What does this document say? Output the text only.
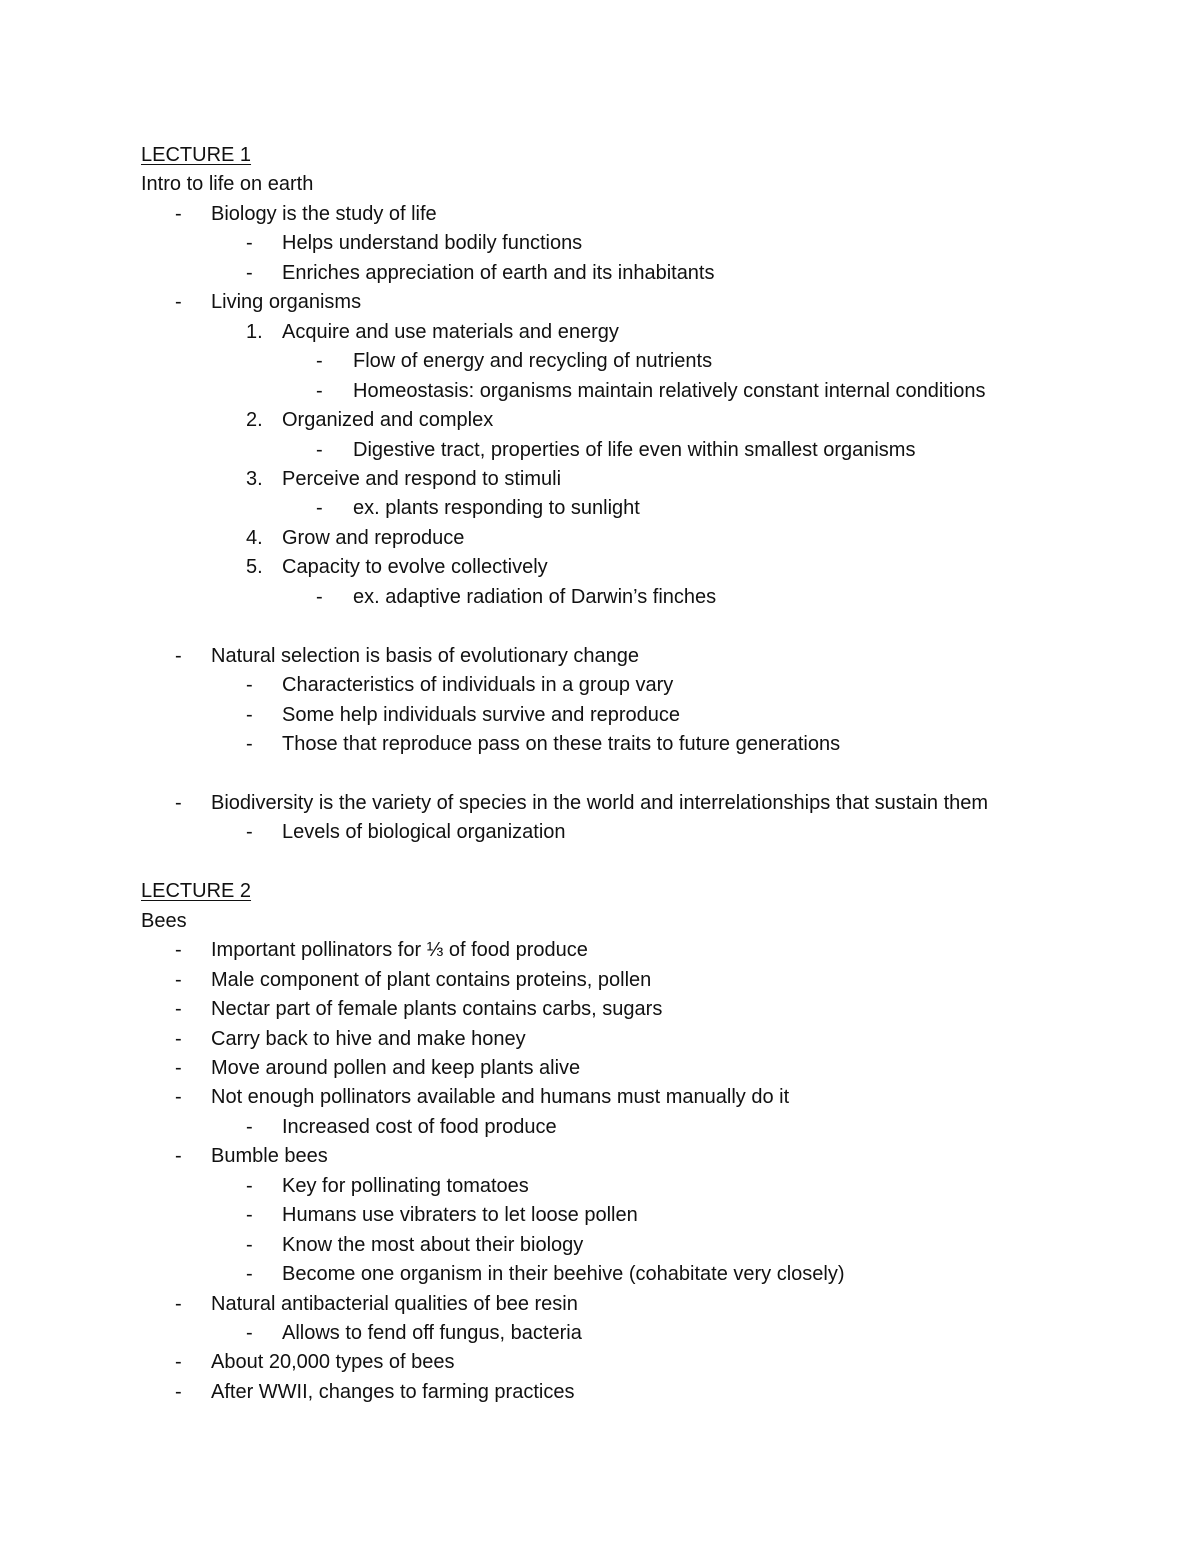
LECTURE 1
Intro to life on earth
- Biology is the study of life
- Helps understand bodily functions
- Enriches appreciation of earth and its inhabitants
- Living organisms
1. Acquire and use materials and energy
- Flow of energy and recycling of nutrients
- Homeostasis: organisms maintain relatively constant internal conditions
2. Organized and complex
- Digestive tract, properties of life even within smallest organisms
3. Perceive and respond to stimuli
- ex. plants responding to sunlight
4. Grow and reproduce
5. Capacity to evolve collectively
- ex. adaptive radiation of Darwin’s finches
- Natural selection is basis of evolutionary change
- Characteristics of individuals in a group vary
- Some help individuals survive and reproduce
- Those that reproduce pass on these traits to future generations
- Biodiversity is the variety of species in the world and interrelationships that sustain them
- Levels of biological organization
LECTURE 2
Bees
- Important pollinators for ⅓ of food produce
- Male component of plant contains proteins, pollen
- Nectar part of female plants contains carbs, sugars
- Carry back to hive and make honey
- Move around pollen and keep plants alive
- Not enough pollinators available and humans must manually do it
- Increased cost of food produce
- Bumble bees
- Key for pollinating tomatoes
- Humans use vibraters to let loose pollen
- Know the most about their biology
- Become one organism in their beehive (cohabitate very closely)
- Natural antibacterial qualities of bee resin
- Allows to fend off fungus, bacteria
- About 20,000 types of bees
- After WWII, changes to farming practices
